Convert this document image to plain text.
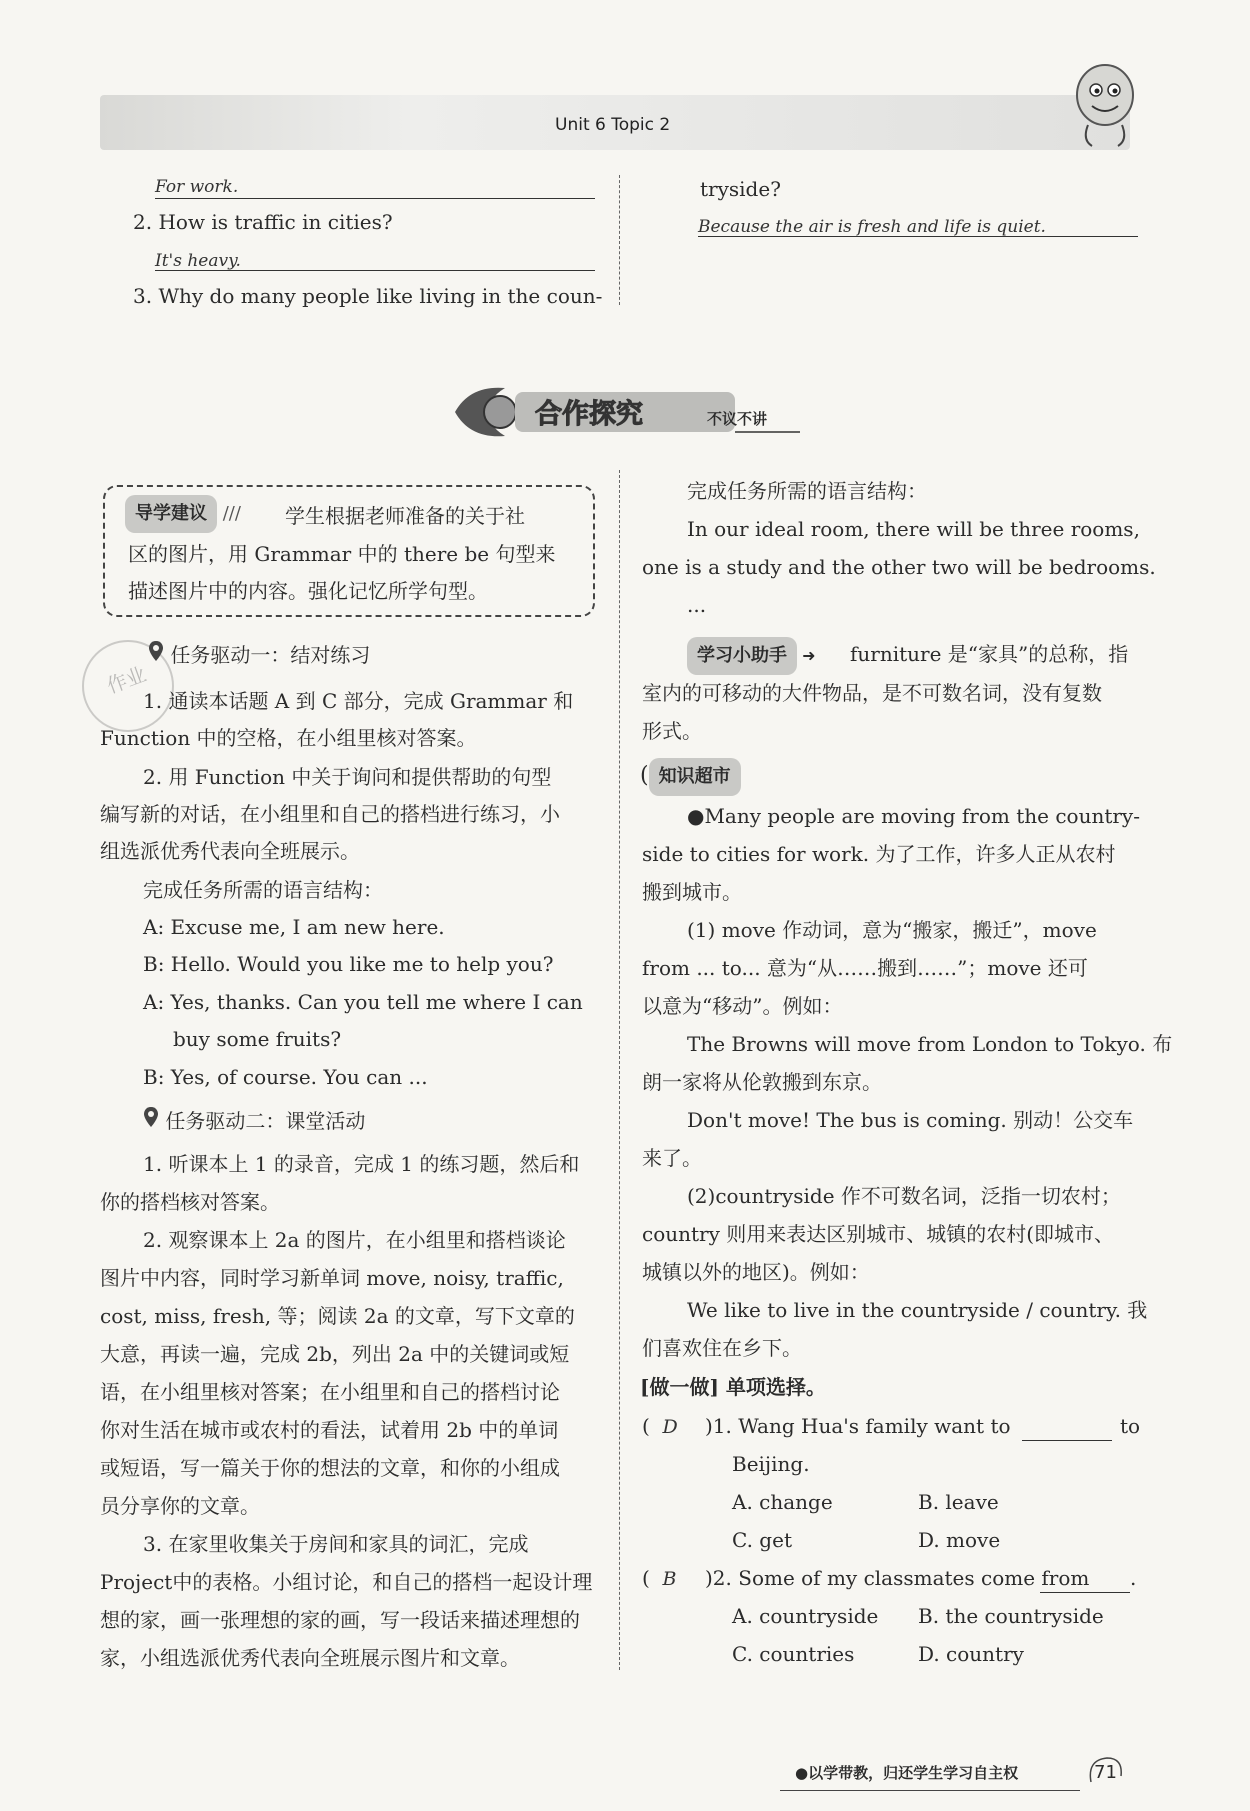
Unit 6 Topic 2
For work.
2. How is traffic in cities?
It's heavy.
3. Why do many people like living in the coun-
tryside?
Because the air is fresh and life is quiet.
合作探究	不议不讲
导学建议 /// 学生根据老师准备的关于社
区的图片，用 Grammar 中的 there be 句型来
描述图片中的内容。强化记忆所学句型。
作业
任务驱动一：结对练习
1. 通读本话题 A 到 C 部分，完成 Grammar 和
Function 中的空格，在小组里核对答案。
2. 用 Function 中关于询问和提供帮助的句型
编写新的对话，在小组里和自己的搭档进行练习，小
组选派优秀代表向全班展示。
完成任务所需的语言结构：
A: Excuse me, I am new here.
B: Hello. Would you like me to help you?
A: Yes, thanks. Can you tell me where I can
buy some fruits?
B: Yes, of course. You can ...
任务驱动二：课堂活动
1. 听课本上 1 的录音，完成 1 的练习题，然后和
你的搭档核对答案。
2. 观察课本上 2a 的图片，在小组里和搭档谈论
图片中内容，同时学习新单词 move, noisy, traffic,
cost, miss, fresh, 等；阅读 2a 的文章，写下文章的
大意，再读一遍，完成 2b，列出 2a 中的关键词或短
语，在小组里核对答案；在小组里和自己的搭档讨论
你对生活在城市或农村的看法，试着用 2b 中的单词
或短语，写一篇关于你的想法的文章，和你的小组成
员分享你的文章。
3. 在家里收集关于房间和家具的词汇，完成
Project中的表格。小组讨论，和自己的搭档一起设计理
想的家，画一张理想的家的画，写一段话来描述理想的
家，小组选派优秀代表向全班展示图片和文章。
完成任务所需的语言结构：
In our ideal room, there will be three rooms,
one is a study and the other two will be bedrooms.
...
学习小助手 ➜ furniture 是“家具”的总称，指
室内的可移动的大件物品，是不可数名词，没有复数
形式。
( 知识超市
●Many people are moving from the country-
side to cities for work. 为了工作，许多人正从农村
搬到城市。
(1) move 作动词，意为“搬家，搬迁”，move
from ... to... 意为“从……搬到……”；move 还可
以意为“移动”。例如：
The Browns will move from London to Tokyo. 布
朗一家将从伦敦搬到东京。
Don't move! The bus is coming. 别动！公交车
来了。
(2)countryside 作不可数名词，泛指一切农村；
country 则用来表达区别城市、城镇的农村(即城市、
城镇以外的地区)。例如：
We like to live in the countryside / country. 我
们喜欢住在乡下。
[做一做] 单项选择。
(  D	)1. Wang Hua's family want to	to
Beijing.
A. change	B. leave
C. get	D. move
(  B	)2. Some of my classmates come from .
A. countryside B. the countryside
C. countries	D. country
●以学带教，归还学生学习自主权	71
